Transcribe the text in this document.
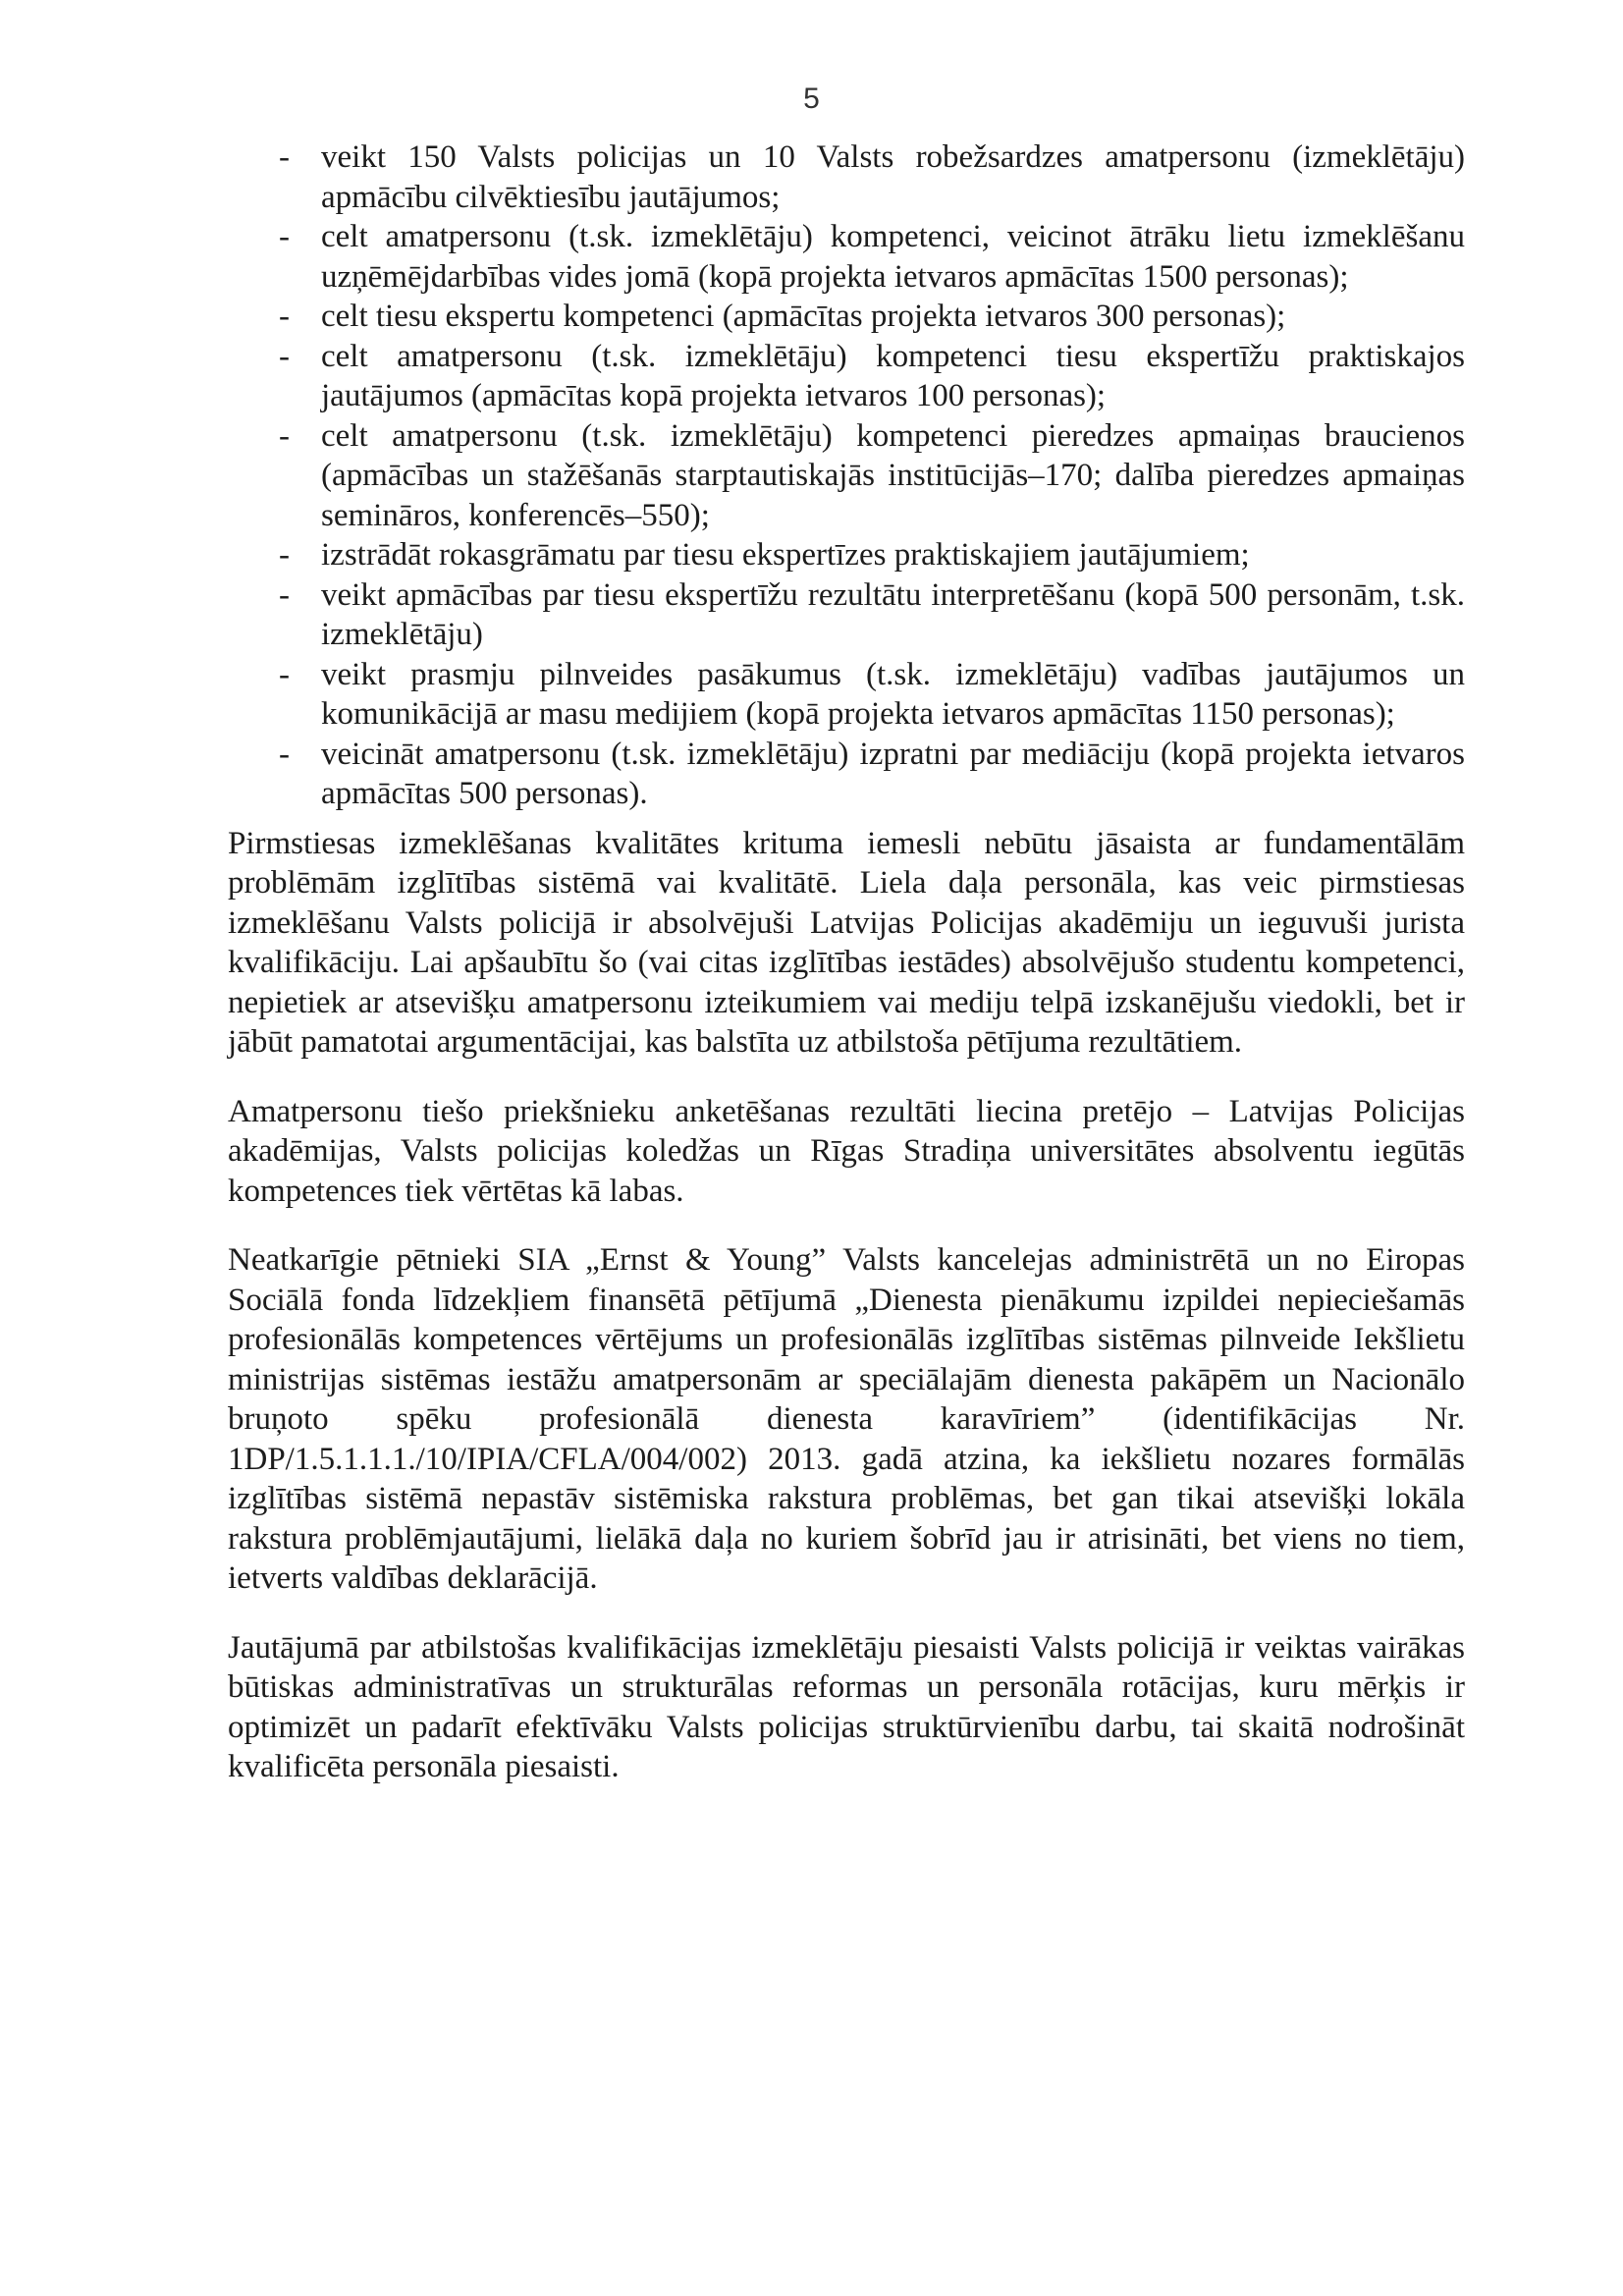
5
- veikt 150 Valsts policijas un 10 Valsts robežsardzes amatpersonu (izmeklētāju) apmācību cilvēktiesību jautājumos;
- celt amatpersonu (t.sk. izmeklētāju) kompetenci, veicinot ātrāku lietu izmeklēšanu uzņēmējdarbības vides jomā (kopā projekta ietvaros apmācītas 1500 personas);
- celt tiesu ekspertu kompetenci (apmācītas projekta ietvaros 300 personas);
- celt amatpersonu (t.sk. izmeklētāju) kompetenci tiesu ekspertīžu praktiskajos jautājumos (apmācītas kopā projekta ietvaros 100 personas);
- celt amatpersonu (t.sk. izmeklētāju) kompetenci pieredzes apmaiņas braucienos (apmācības un stažēšanās starptautiskajās institūcijās–170; dalība pieredzes apmaiņas semināros, konferencēs–550);
- izstrādāt rokasgrāmatu par tiesu ekspertīzes praktiskajiem jautājumiem;
- veikt apmācības par tiesu ekspertīžu rezultātu interpretēšanu (kopā 500 personām, t.sk. izmeklētāju)
- veikt prasmju pilnveides pasākumus (t.sk. izmeklētāju) vadības jautājumos un komunikācijā ar masu medijiem (kopā projekta ietvaros apmācītas 1150 personas);
- veicināt amatpersonu (t.sk. izmeklētāju) izpratni par mediāciju (kopā projekta ietvaros apmācītas 500 personas).

Pirmstiesas izmeklēšanas kvalitātes krituma iemesli nebūtu jāsaista ar fundamentālām problēmām izglītības sistēmā vai kvalitātē. Liela daļa personāla, kas veic pirmstiesas izmeklēšanu Valsts policijā ir absolvējuši Latvijas Policijas akadēmiju un ieguvuši jurista kvalifikāciju. Lai apšaubītu šo (vai citas izglītības iestādes) absolvējušo studentu kompetenci, nepietiek ar atsevišķu amatpersonu izteikumiem vai mediju telpā izskanējušu viedokli, bet ir jābūt pamatotai argumentācijai, kas balstīta uz atbilstoša pētījuma rezultātiem.

Amatpersonu tiešo priekšnieku anketēšanas rezultāti liecina pretējo – Latvijas Policijas akadēmijas, Valsts policijas koledžas un Rīgas Stradiņa universitātes absolventu iegūtās kompetences tiek vērtētas kā labas.

Neatkarīgie pētnieki SIA „Ernst & Young” Valsts kancelejas administrētā un no Eiropas Sociālā fonda līdzekļiem finansētā pētījumā „Dienesta pienākumu izpildei nepieciešamās profesionālās kompetences vērtējums un profesionālās izglītības sistēmas pilnveide Iekšlietu ministrijas sistēmas iestāžu amatpersonām ar speciālajām dienesta pakāpēm un Nacionālo bruņoto spēku profesionālā dienesta karavīriem” (identifikācijas Nr. 1DP/1.5.1.1.1./10/IPIA/CFLA/004/002) 2013. gadā atzina, ka iekšlietu nozares formālās izglītības sistēmā nepastāv sistēmiska rakstura problēmas, bet gan tikai atsevišķi lokāla rakstura problēmjautājumi, lielākā daļa no kuriem šobrīd jau ir atrisināti, bet viens no tiem, ietverts valdības deklarācijā.

Jautājumā par atbilstošas kvalifikācijas izmeklētāju piesaisti Valsts policijā ir veiktas vairākas būtiskas administratīvas un strukturālas reformas un personāla rotācijas, kuru mērķis ir optimizēt un padarīt efektīvāku Valsts policijas struktūrvienību darbu, tai skaitā nodrošināt kvalificēta personāla piesaisti.
